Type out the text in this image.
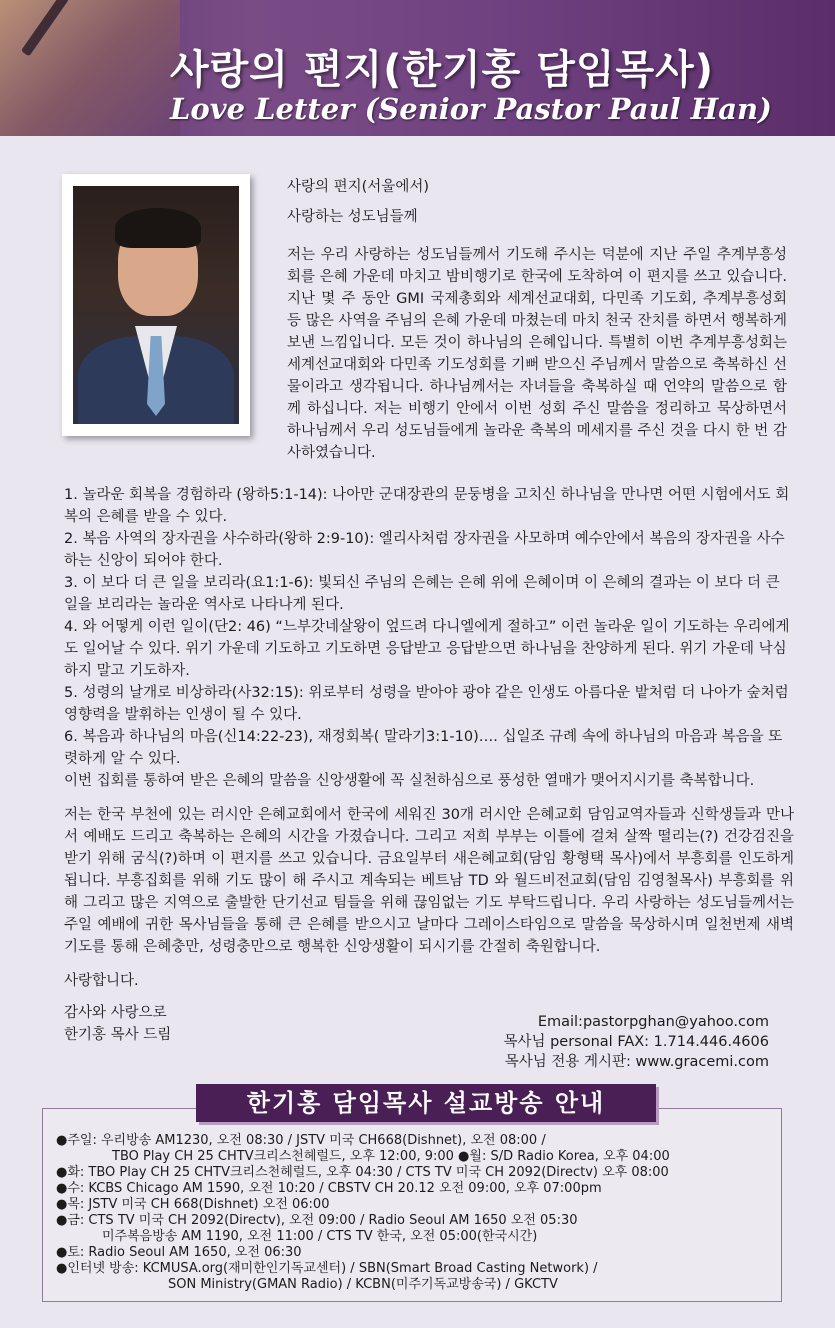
사랑의 편지(한기홍 담임목사)
Love Letter (Senior Pastor Paul Han)
사랑의 편지(서울에서)
사랑하는 성도님들께
저는 우리 사랑하는 성도님들께서 기도해 주시는 덕분에 지난 주일 추계부흥성회를 은혜 가운데 마치고 밤비행기로 한국에 도착하여 이 편지를 쓰고 있습니다. 지난 몇 주 동안 GMI 국제총회와 세계선교대회, 다민족 기도회, 추계부흥성회 등 많은 사역을 주님의 은혜 가운데 마쳤는데 마치 천국 잔치를 하면서 행복하게 보낸 느낌입니다. 모든 것이 하나님의 은혜입니다. 특별히 이번 추계부흥성회는 세계선교대회와 다민족 기도성회를 기뻐 받으신 주님께서 말씀으로 축복하신 선물이라고 생각됩니다. 하나님께서는 자녀들을 축복하실 때 언약의 말씀으로 함께 하십니다. 저는 비행기 안에서 이번 성회 주신 말씀을 정리하고 묵상하면서 하나님께서 우리 성도님들에게 놀라운 축복의 메세지를 주신 것을 다시 한 번 감사하였습니다.

1. 놀라운 회복을 경험하라 (왕하5:1-14): 나아만 군대장관의 문둥병을 고치신 하나님을 만나면 어떤 시험에서도 회복의 은혜를 받을 수 있다.

2. 복음 사역의 장자권을 사수하라(왕하 2:9-10): 엘리사처럼 장자권을 사모하며 예수안에서 복음의 장자권을 사수하는 신앙이 되어야 한다.

3. 이 보다 더 큰 일을 보리라(요1:1-6): 빛되신 주님의 은혜는 은혜 위에 은혜이며 이 은혜의 결과는 이 보다 더 큰 일을 보리라는 놀라운 역사로 나타나게 된다.

4. 와 어떻게 이런 일이(단2: 46) “느부갓네살왕이 엎드려 다니엘에게 절하고” 이런 놀라운 일이 기도하는 우리에게도 일어날 수 있다. 위기 가운데 기도하고 기도하면 응답받고 응답받으면 하나님을 찬양하게 된다. 위기 가운데 낙심하지 말고 기도하자.

5. 성령의 날개로 비상하라(사32:15): 위로부터 성령을 받아야 광야 같은 인생도 아름다운 밭처럼 더 나아가 숲처럼 영향력을 발휘하는 인생이 될 수 있다.

6. 복음과 하나님의 마음(신14:22-23), 재정회복( 말라기3:1-10)…. 십일조 규례 속에 하나님의 마음과 복음을 또렷하게 알 수 있다.

이번 집회를 통하여 받은 은혜의 말씀을 신앙생활에 꼭 실천하심으로 풍성한 열매가 맺어지시기를 축복합니다.

저는 한국 부천에 있는 러시안 은혜교회에서 한국에 세워진 30개 러시안 은혜교회 담임교역자들과 신학생들과 만나서 예배도 드리고 축복하는 은혜의 시간을 가졌습니다. 그리고 저희 부부는 이틀에 걸쳐 살짝 떨리는(?) 건강검진을 받기 위해 굼식(?)하며 이 편지를 쓰고 있습니다. 금요일부터 새은혜교회(담임 황형택 목사)에서 부흥회를 인도하게 됩니다. 부흥집회를 위해 기도 많이 해 주시고 계속되는 베트남 TD 와 월드비전교회(담임 김영철목사) 부흥회를 위해 그리고 많은 지역으로 출발한 단기선교 팀들을 위해 끊임없는 기도 부탁드립니다. 우리 사랑하는 성도님들께서는 주일 예배에 귀한 목사님들을 통해 큰 은혜를 받으시고 날마다 그레이스타임으로 말씀을 묵상하시며 일천번제 새벽기도를 통해 은혜충만, 성령충만으로 행복한 신앙생활이 되시기를 간절히 축원합니다.
사랑합니다.
감사와 사랑으로
한기홍 목사 드림
Email:pastorpghan@yahoo.com
목사님 personal FAX: 1.714.446.4606
목사님 전용 게시판: www.gracemi.com
한기홍 담임목사 설교방송 안내
●주일: 우리방송 AM1230, 오전 08:30 / JSTV 미국 CH668(Dishnet), 오전 08:00 /
TBO Play CH 25 CHTV크리스천헤럴드, 오후 12:00, 9:00 ●월: S/D Radio Korea, 오후 04:00
●화: TBO Play CH 25 CHTV크리스천헤럴드, 오후 04:30 / CTS TV 미국 CH 2092(Directv) 오후 08:00
●수: KCBS Chicago AM 1590, 오전 10:20 / CBSTV CH 20.12 오전 09:00, 오후 07:00pm
●목: JSTV 미국 CH 668(Dishnet) 오전 06:00
●금: CTS TV 미국 CH 2092(Directv), 오전 09:00 / Radio Seoul AM 1650 오전 05:30
미주복음방송 AM 1190, 오전 11:00 / CTS TV 한국, 오전 05:00(한국시간)
●토: Radio Seoul AM 1650, 오전 06:30
●인터넷 방송: KCMUSA.org(재미한인기독교센터) / SBN(Smart Broad Casting Network) /
SON Ministry(GMAN Radio) / KCBN(미주기독교방송국) / GKCTV
